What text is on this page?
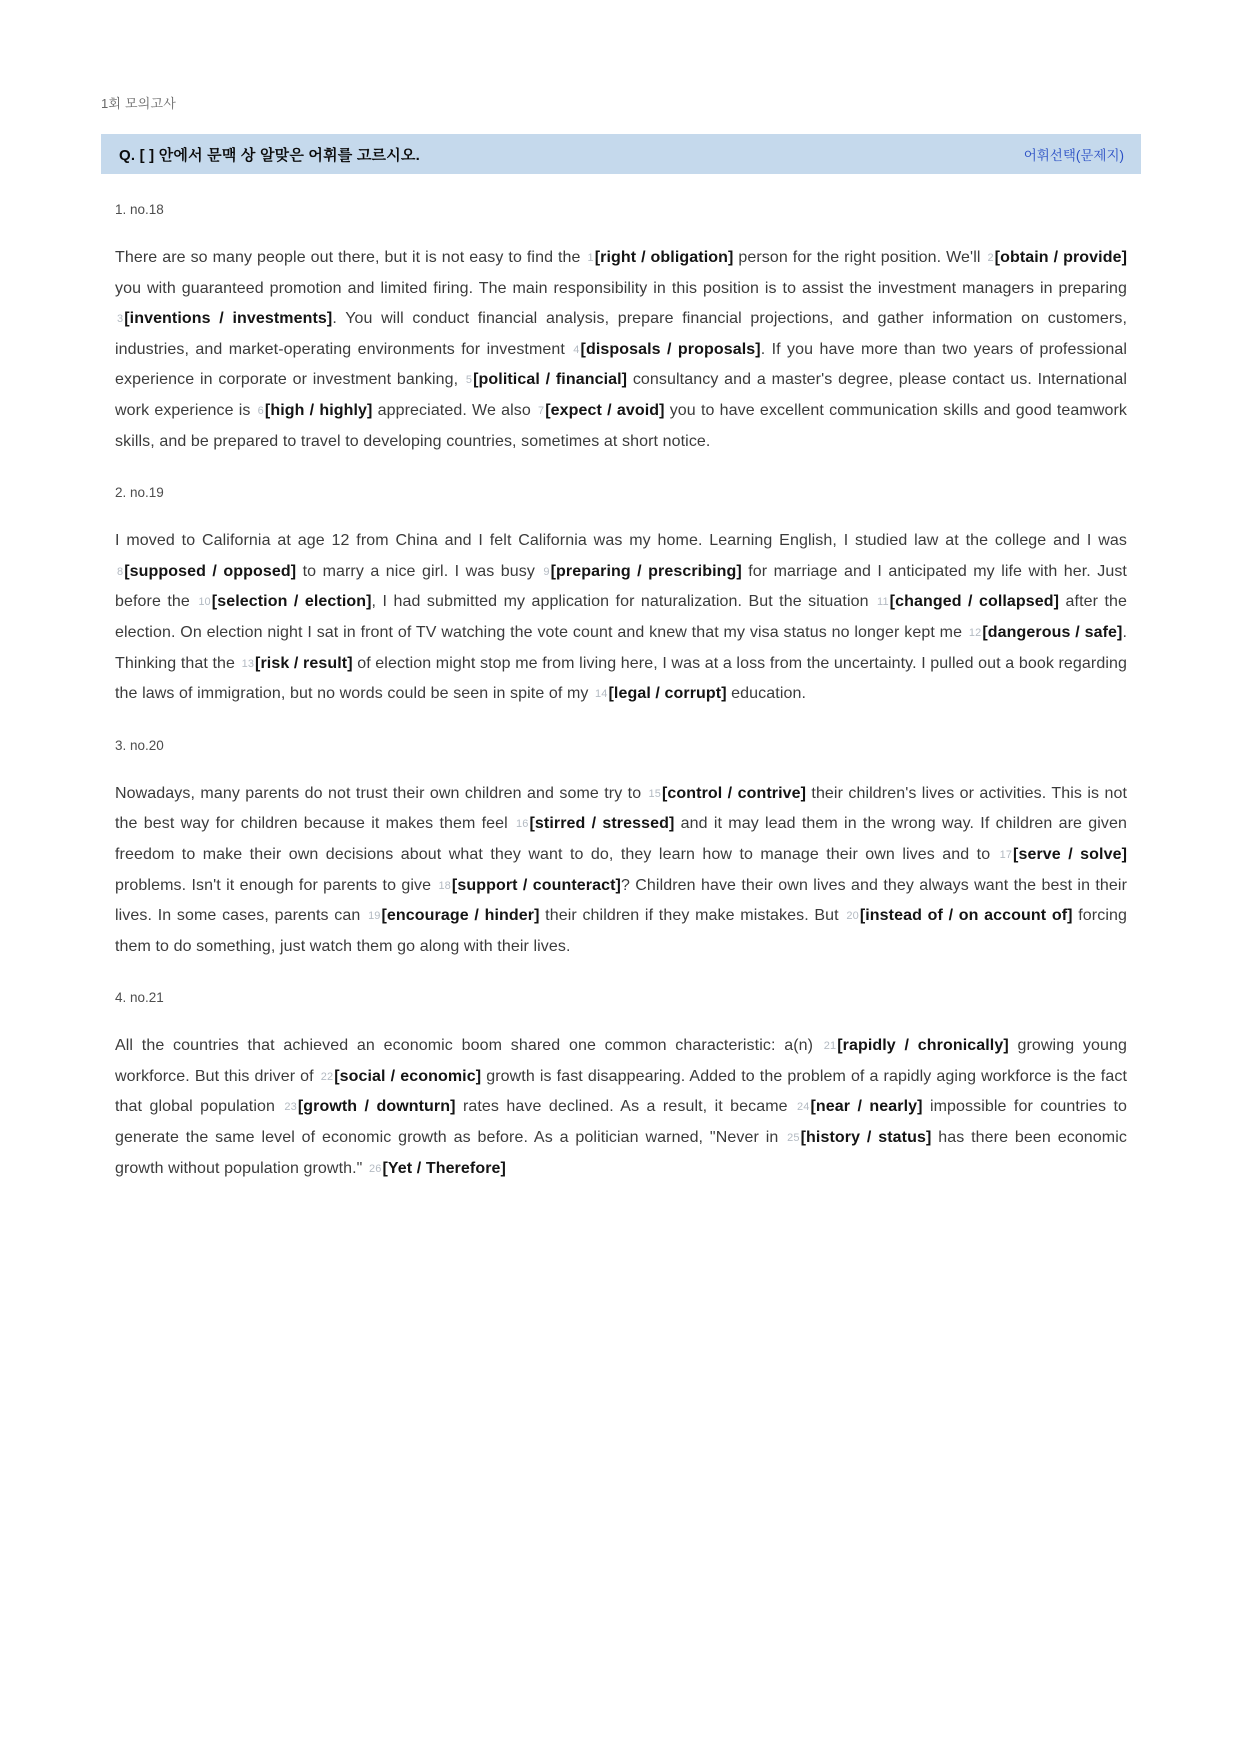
1회 모의고사
Q. [ ] 안에서 문맥 상 알맞은 어휘를 고르시오.	어휘선택(문제지)
1. no.18

There are so many people out there, but it is not easy to find the 1[right / obligation] person for the right position. We'll 2[obtain / provide] you with guaranteed promotion and limited firing. The main responsibility in this position is to assist the investment managers in preparing 3[inventions / investments]. You will conduct financial analysis, prepare financial projections, and gather information on customers, industries, and market-operating environments for investment 4[disposals / proposals]. If you have more than two years of professional experience in corporate or investment banking, 5[political / financial] consultancy and a master's degree, please contact us. International work experience is 6[high / highly] appreciated. We also 7[expect / avoid] you to have excellent communication skills and good teamwork skills, and be prepared to travel to developing countries, sometimes at short notice.

2. no.19

I moved to California at age 12 from China and I felt California was my home. Learning English, I studied law at the college and I was 8[supposed / opposed] to marry a nice girl. I was busy 9[preparing / prescribing] for marriage and I anticipated my life with her. Just before the 10[selection / election], I had submitted my application for naturalization. But the situation 11[changed / collapsed] after the election. On election night I sat in front of TV watching the vote count and knew that my visa status no longer kept me 12[dangerous / safe]. Thinking that the 13[risk / result] of election might stop me from living here, I was at a loss from the uncertainty. I pulled out a book regarding the laws of immigration, but no words could be seen in spite of my 14[legal / corrupt] education.

3. no.20

Nowadays, many parents do not trust their own children and some try to 15[control / contrive] their children's lives or activities. This is not the best way for children because it makes them feel 16[stirred / stressed] and it may lead them in the wrong way. If children are given freedom to make their own decisions about what they want to do, they learn how to manage their own lives and to 17[serve / solve] problems. Isn't it enough for parents to give 18[support / counteract]? Children have their own lives and they always want the best in their lives. In some cases, parents can 19[encourage / hinder] their children if they make mistakes. But 20[instead of / on account of] forcing them to do something, just watch them go along with their lives.

4. no.21

All the countries that achieved an economic boom shared one common characteristic: a(n) 21[rapidly / chronically] growing young workforce. But this driver of 22[social / economic] growth is fast disappearing. Added to the problem of a rapidly aging workforce is the fact that global population 23[growth / downturn] rates have declined. As a result, it became 24[near / nearly] impossible for countries to generate the same level of economic growth as before. As a politician warned, "Never in 25[history / status] has there been economic growth without population growth." 26[Yet / Therefore]
